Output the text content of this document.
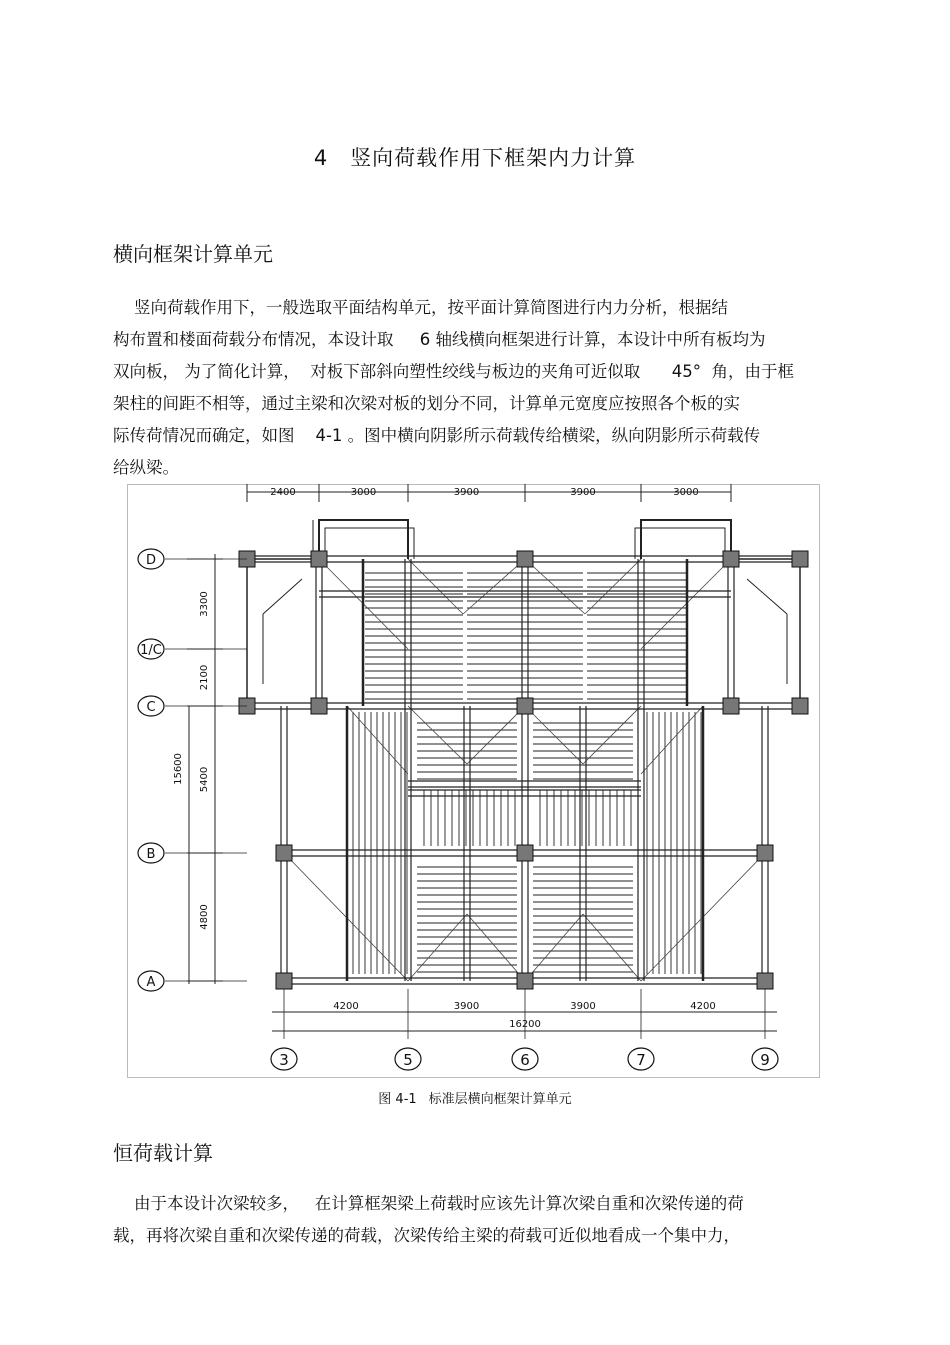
4 竖向荷载作用下框架内力计算
横向框架计算单元
竖向荷载作用下，一般选取平面结构单元，按平面计算简图进行内力分析，根据结
构布置和楼面荷载分布情况，本设计取     6 轴线横向框架进行计算，本设计中所有板均为
双向板， 为了简化计算，  对板下部斜向塑性绞线与板边的夹角可近似取      45°  角，由于框
架柱的间距不相等，通过主梁和次梁对板的划分不同，计算单元宽度应按照各个板的实
际传荷情况而确定，如图    4-1 。图中横向阴影所示荷载传给横梁，纵向阴影所示荷载传
给纵梁。
2400	3000	3900	3900	3000
3300
2100
5400
4800
15600
D
1/C
C
B
A
4200	3900	3900	4200
16200
3	5	6	7	9
图 4-1 标准层横向框架计算单元
恒荷载计算
由于本设计次梁较多，   在计算框架梁上荷载时应该先计算次梁自重和次梁传递的荷
载，再将次梁自重和次梁传递的荷载，次梁传给主梁的荷载可近似地看成一个集中力，
